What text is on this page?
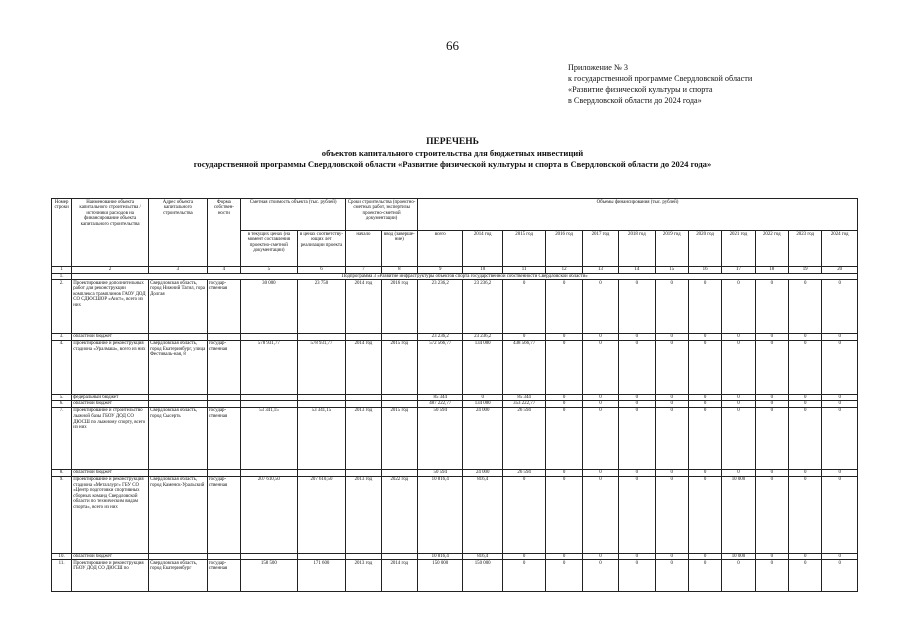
66
Приложение № 3
к государственной программе Свердловской области
«Развитие физической культуры и спорта
в Свердловской области до 2024 года»
ПЕРЕЧЕНЬ
объектов капитального строительства для бюджетных инвестиций
государственной программы Свердловской области «Развитие физической культуры и спорта в Свердловской области до 2024 года»
Номер строки	Наименование объекта капитального строительства / источники расходов на финансирование объекта капитального строительства	Адрес объекта капитального строительства	Форма собствен-ности	Сметная стоимость объекта (тыс. рублей)		Сроки строительства (проектно-сметных работ, экспертизы проектно-сметной документации)		Объемы финансирования (тыс. рублей)											
				в текущих ценах (на момент составления проектно-сметной документации)	в ценах соответству-ющих лет реализации проекта	начало	ввод (заверше-ние)	всего	2014 год	2015 год	2016 год	2017 год	2018 год	2019 год	2020 год	2021 год	2022 год	2023 год	2024 год
1	2	3	4	5	6	7	8	9	10	11	12	13	14	15	16	17	18	19	20
1.	Подпрограмма 3 «Развитие инфраструктуры объектов спорта государственной собственности Свердловской области»																		
2.	Проектирование дополнительных работ для реконструкции комплекса трамплинов ГАОУ ДОД СО СДЮСШОР «Аист», всего из них	Свердловская область, город Нижний Тагил, гора Долгая	государ-ственная	30 000	23 750	2014 год	2016 год	23 236,2	23 236,2	0	0	0	0	0	0	0	0	0	0
3.	областной бюджет							23 236,2	23 236,2	0	0	0	0	0	0	0	0	0	0
4.	Проектирование и реконструкция стадиона «Уралмаш», всего из них	Свердловская область, город Екатеринбург, улица Фестиваль-ная, 8	государ-ственная	578 931,77	578 931,77	2014 год	2015 год	572 566,77	134 000	438 566,77	0	0	0	0	0	0	0	0	0
5.	федеральный бюджет							85 344	0	85 344	0	0	0	0	0	0	0	0	0
6.	областной бюджет							487 222,77	134 000	353 222,77	0	0	0	0	0	0	0	0	0
7.	Проектирование и строительство лыжной базы ГБОУ ДОД СО ДЮСШ по лыжному спорту, всего из них	Свердловская область, город Сысерть	государ-ственная	53 341,15	53 341,15	2013 год	2015 год	50 594	24 000	26 594	0	0	0	0	0	0	0	0	0
8.	областной бюджет							50 594	24 000	26 594	0	0	0	0	0	0	0	0	0
9.	Проектирование и реконструкция стадиона «Металлург» ГБУ СО «Центр подготовки спортивных сборных команд Свердловской области по техническим видам спорта», всего из них	Свердловская область, город Каменск-Уральский	государ-ственная	207 610,50	207 610,50	2013 год	2022 год	10 816,4	816,4	0	0	0	0	0	0	10 000	0	0	0
10.	областной бюджет							10 816,4	816,4	0	0	0	0	0	0	10 000	0	0	0
11.	Проектирование и реконструкция ГБОУ ДОД СО ДЮСШ по	Свердловская область, город Екатеринбург	государ-ственная	158 500	171 600	2013 год	2014 год	150 000	150 000	0	0	0	0	0	0	0	0	0	0
